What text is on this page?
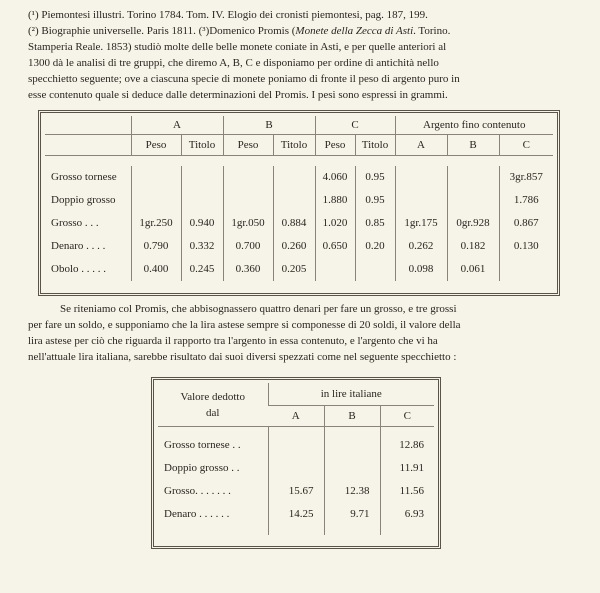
(¹) Piemontesi illustri. Torino 1784. Tom. IV. Elogio dei cronisti piemontesi, pag. 187, 199.
(²) Biographie universelle. Paris 1811. (³)Domenico Promis (Monete della Zecca di Asti. Torino.
Stamperia Reale. 1853) studiò molte delle belle monete coniate in Asti, e per quelle anteriori al
1300 dà le analisi di tre gruppi, che diremo A, B, C e disponiamo per ordine di antichità nello
specchietto seguente; ove a ciascuna specie di monete poniamo di fronte il peso di argento puro in
esse contenuto quale si deduce dalle determinazioni del Promis. I pesi sono espressi in grammi.
	A		B		C		Argento fino contenuto		
	Peso	Titolo	Peso	Titolo	Peso	Titolo	A	B	C

Grosso tornese					4.060	0.95			3gr.857
Doppio grosso					1.880	0.95			1.786
Grosso . . .	1gr.250	0.940	1gr.050	0.884	1.020	0.85	1gr.175	0gr.928	0.867
Denaro . . . .	0.790	0.332	0.700	0.260	0.650	0.20	0.262	0.182	0.130
Obolo . . . . .	0.400	0.245	0.360	0.205			0.098	0.061	

Se riteniamo col Promis, che abbisognassero quattro denari per fare un grosso, e tre grossi
per fare un soldo, e supponiamo che la lira astese sempre si componesse di 20 soldi, il valore della
lira astese per ciò che riguarda il rapporto tra l'argento in essa contenuto, e l'argento che vi ha
nell'attuale lira italiana, sarebbe risultato dai suoi diversi spezzati come nel seguente specchietto :
Valore dedotto
dal	in lire italiane		
	A	B	C

Grosso tornese . .			12.86
Doppio grosso . .			11.91
Grosso. . . . . . .	15.67	12.38	11.56
Denaro . . . . . .	14.25	9.71	6.93
